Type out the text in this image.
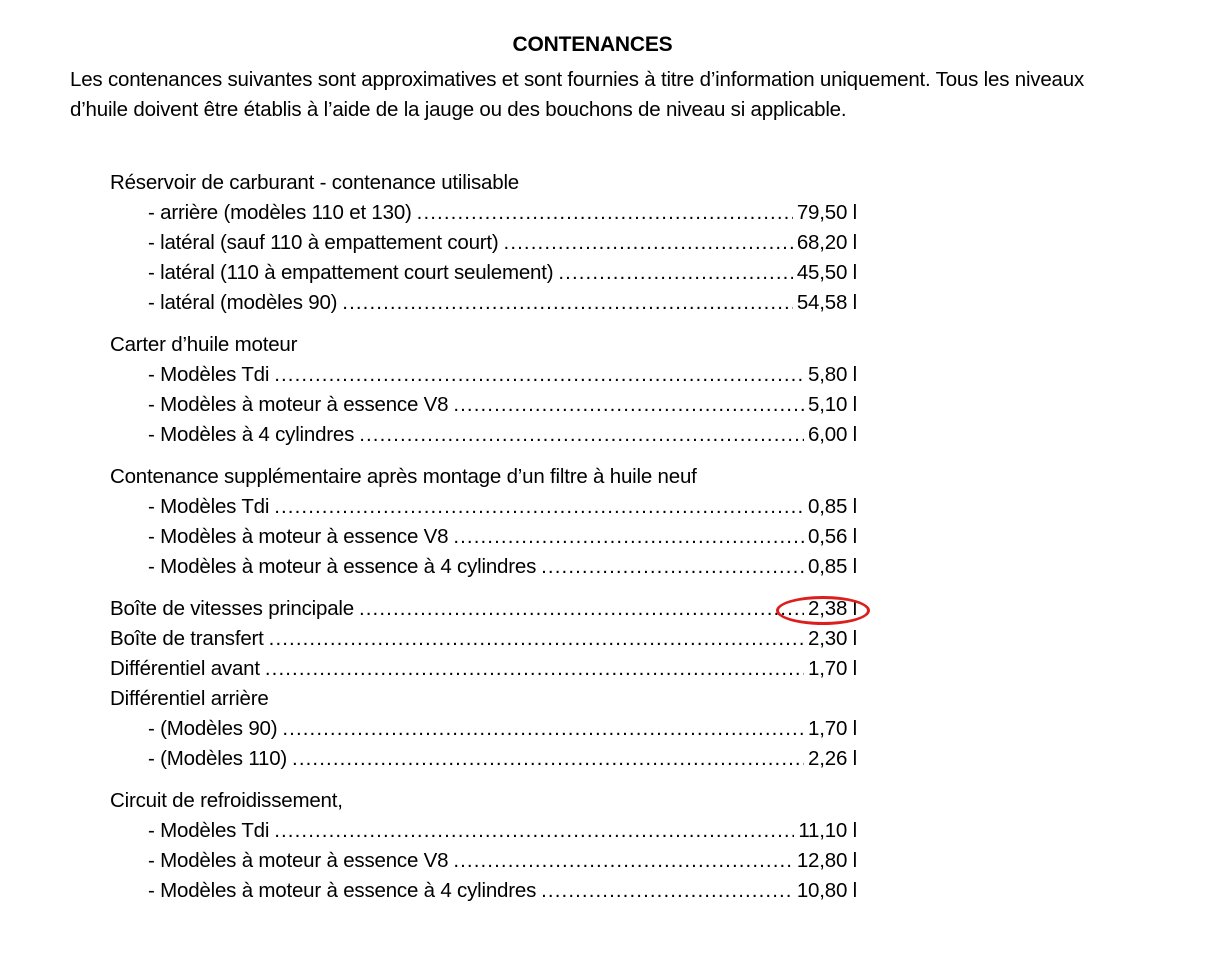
CONTENANCES

Les contenances suivantes sont approximatives et sont fournies à titre d’information uniquement. Tous les niveaux d’huile doivent être établis à l’aide de la jauge ou des bouchons de niveau si applicable.

Réservoir de carburant - contenance utilisable
- arrière (modèles 110 et 130) .....	79,50 l
- latéral (sauf 110 à empattement court) .....	68,20 l
- latéral (110 à empattement court seulement) .....	45,50 l
- latéral (modèles 90) .....	54,58 l
Carter d’huile moteur
- Modèles Tdi .....	5,80 l
- Modèles à moteur à essence V8 .....	5,10 l
- Modèles à 4 cylindres .....	6,00 l
Contenance supplémentaire après montage d’un filtre à huile neuf
- Modèles Tdi .....	0,85 l
- Modèles à moteur à essence V8 .....	0,56 l
- Modèles à moteur à essence à 4 cylindres .....	0,85 l
Boîte de vitesses principale .....	2,38 l
Boîte de transfert .....	2,30 l
Différentiel avant .....	1,70 l
Différentiel arrière
- (Modèles 90) .....	1,70 l
- (Modèles 110) .....	2,26 l
Circuit de refroidissement,
- Modèles Tdi .....	11,10 l
- Modèles à moteur à essence V8 .....	12,80 l
- Modèles à moteur à essence à 4 cylindres .....	10,80 l
